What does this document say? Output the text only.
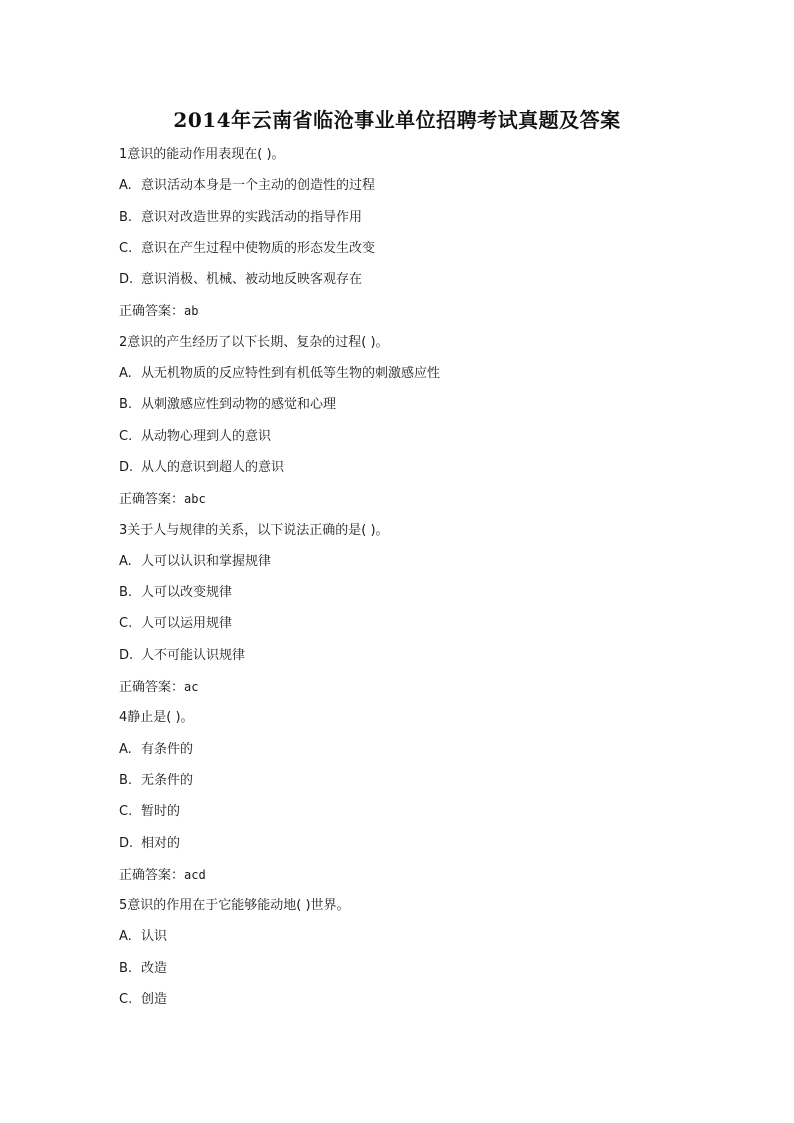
2014年云南省临沧事业单位招聘考试真题及答案
1意识的能动作用表现在( )。
A. 意识活动本身是一个主动的创造性的过程
B. 意识对改造世界的实践活动的指导作用
C. 意识在产生过程中使物质的形态发生改变
D. 意识消极、机械、被动地反映客观存在
正确答案：ab
2意识的产生经历了以下长期、复杂的过程( )。
A. 从无机物质的反应特性到有机低等生物的刺激感应性
B. 从刺激感应性到动物的感觉和心理
C. 从动物心理到人的意识
D. 从人的意识到超人的意识
正确答案：abc
3关于人与规律的关系，以下说法正确的是( )。
A. 人可以认识和掌握规律
B. 人可以改变规律
C. 人可以运用规律
D. 人不可能认识规律
正确答案：ac
4静止是( )。
A. 有条件的
B. 无条件的
C. 暂时的
D. 相对的
正确答案：acd
5意识的作用在于它能够能动地( )世界。
A. 认识
B. 改造
C. 创造
